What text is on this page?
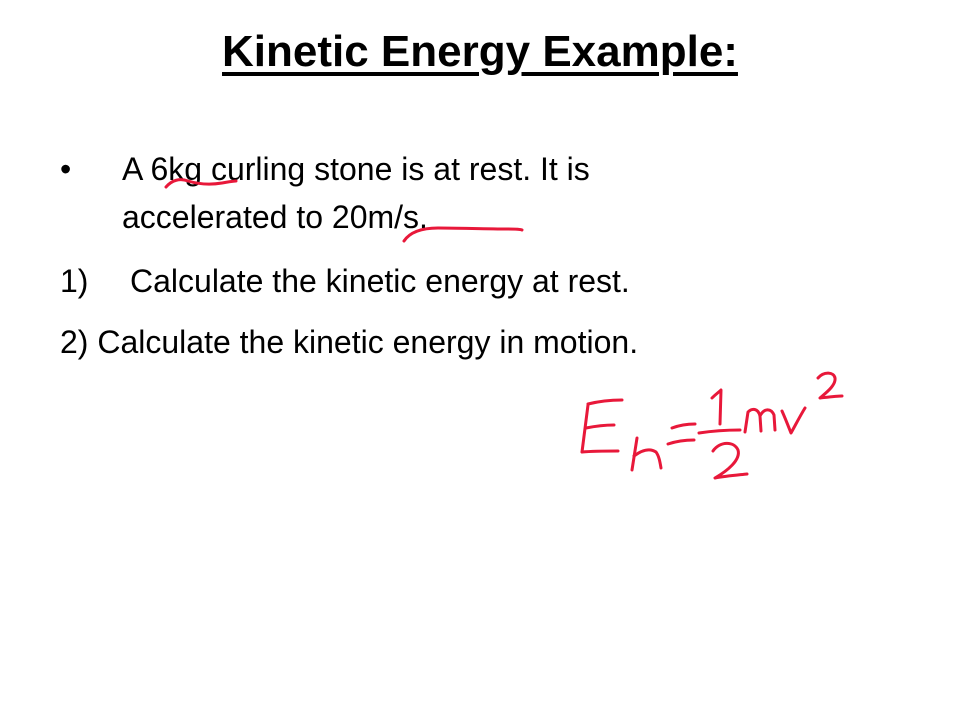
Kinetic Energy Example:
• A 6kg curling stone is at rest. It is
accelerated to 20m/s.
1) Calculate the kinetic energy at rest.
2) Calculate the kinetic energy in motion.
